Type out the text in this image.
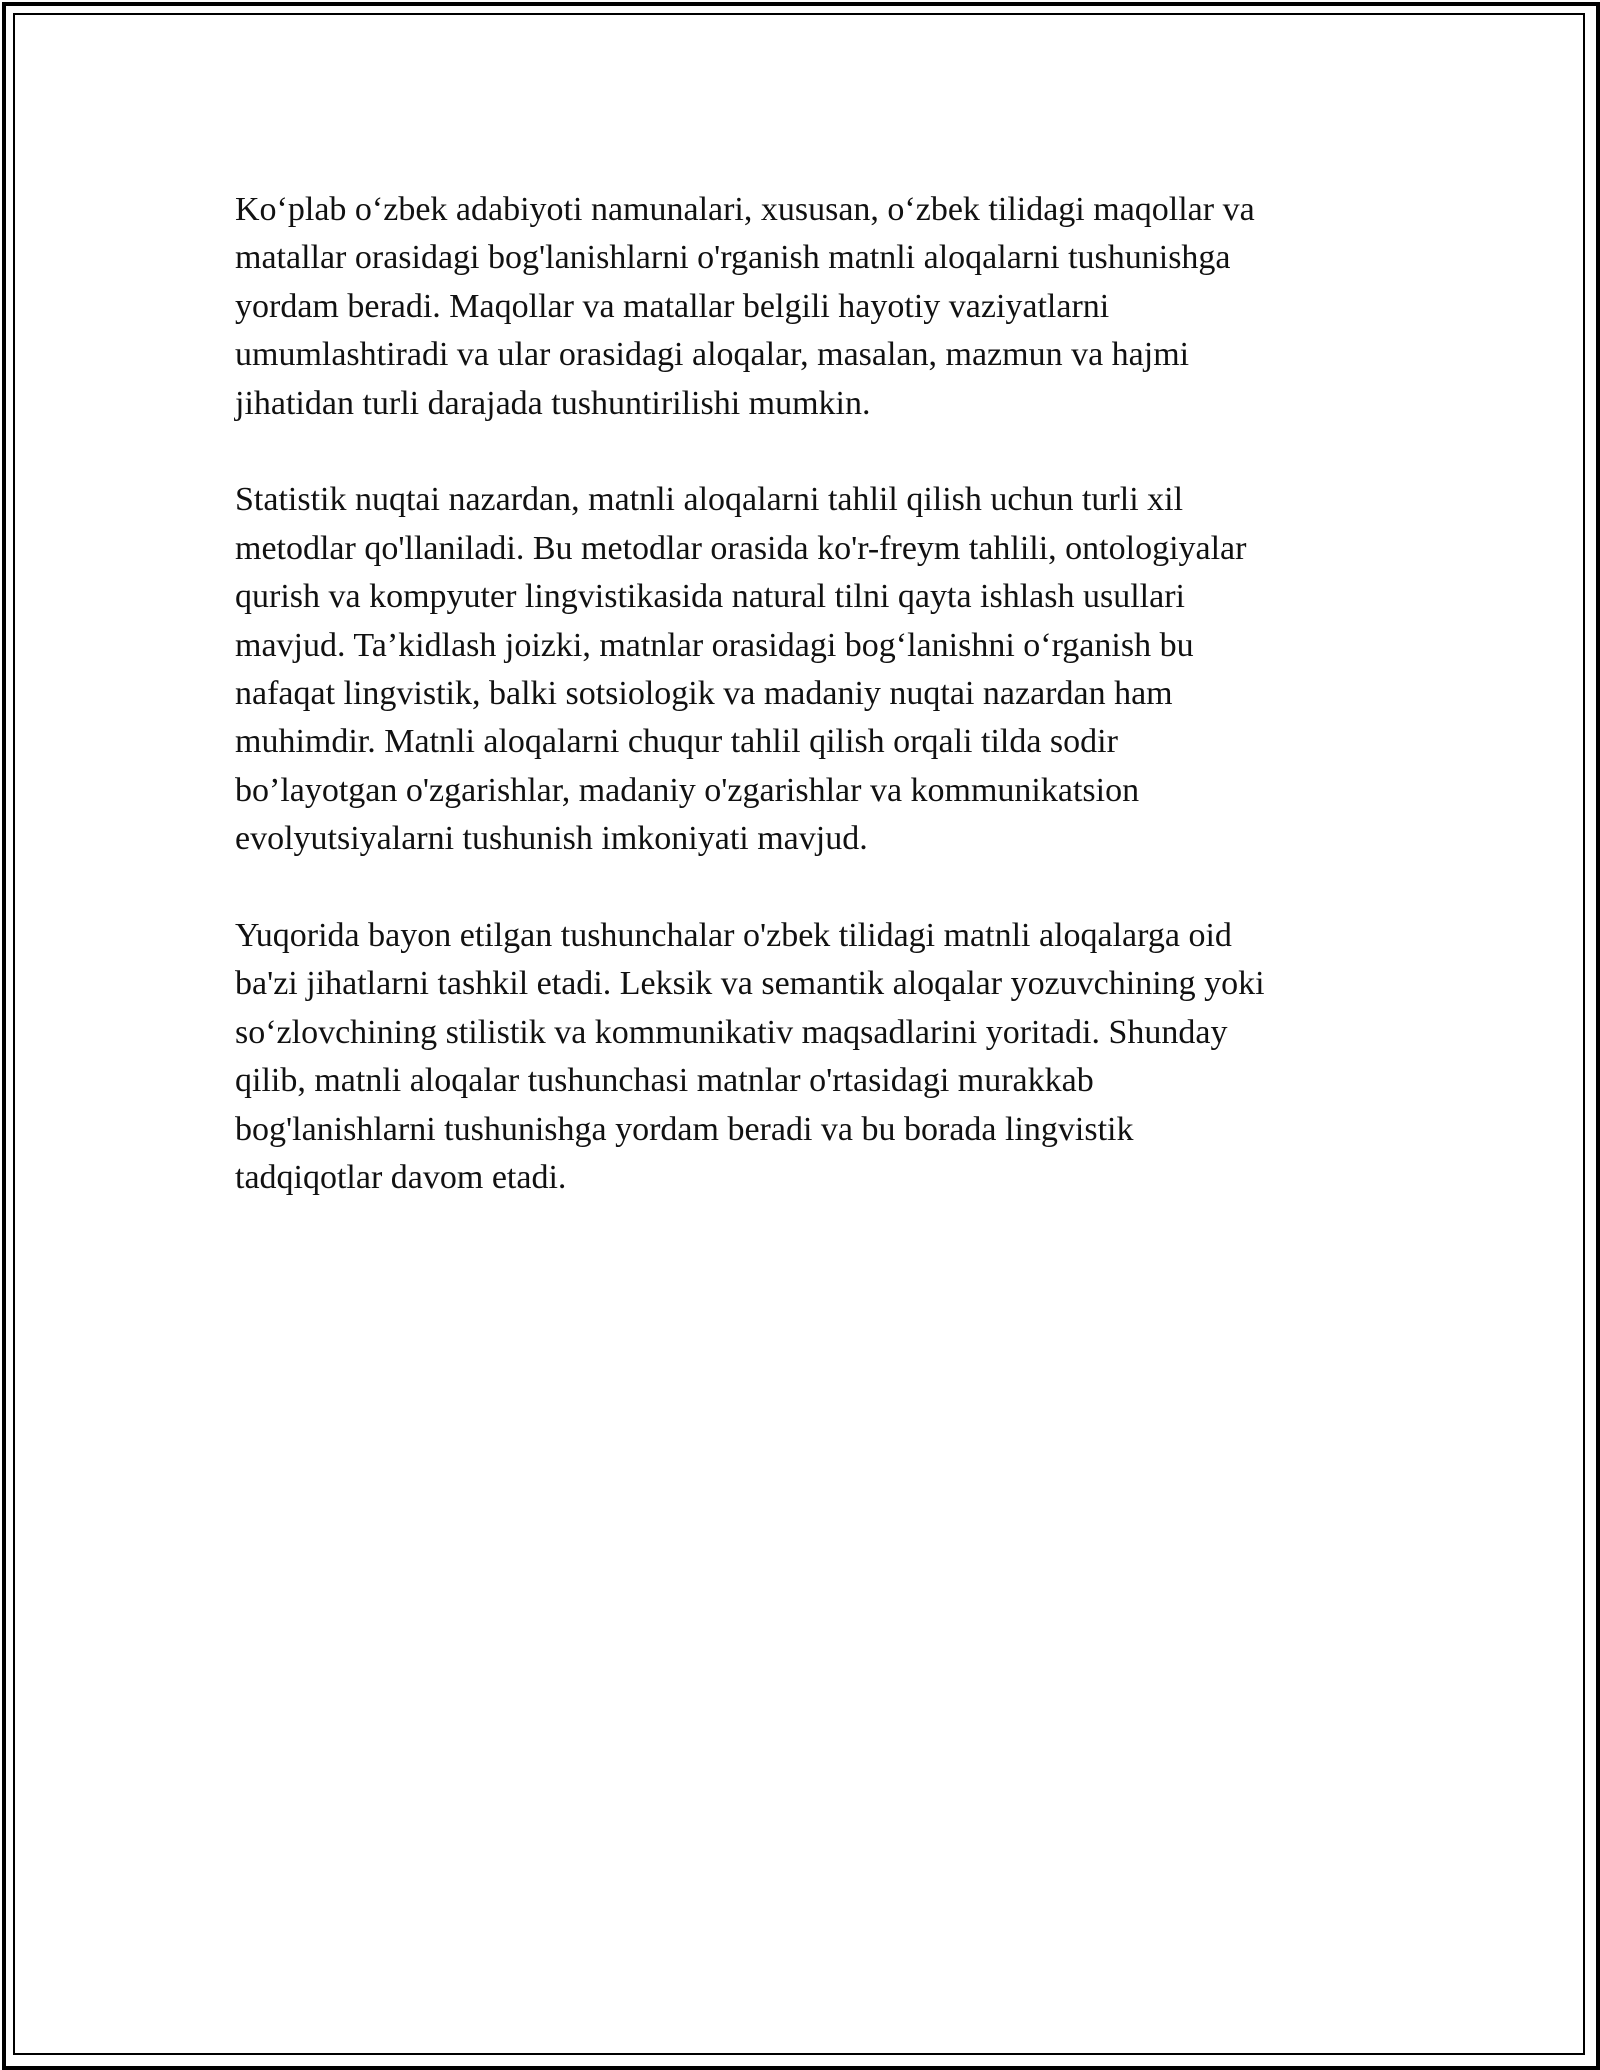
Ko‘plab o‘zbek adabiyoti namunalari, xususan, o‘zbek tilidagi maqollar va
matallar orasidagi bog'lanishlarni o'rganish matnli aloqalarni tushunishga
yordam beradi. Maqollar va matallar belgili hayotiy vaziyatlarni
umumlashtiradi va ular orasidagi aloqalar, masalan, mazmun va hajmi
jihatidan turli darajada tushuntirilishi mumkin.

Statistik nuqtai nazardan, matnli aloqalarni tahlil qilish uchun turli xil
metodlar qo'llaniladi. Bu metodlar orasida ko'r-freym tahlili, ontologiyalar
qurish va kompyuter lingvistikasida natural tilni qayta ishlash usullari
mavjud. Ta’kidlash joizki, matnlar orasidagi bog‘lanishni o‘rganish bu
nafaqat lingvistik, balki sotsiologik va madaniy nuqtai nazardan ham
muhimdir. Matnli aloqalarni chuqur tahlil qilish orqali tilda sodir
bo’layotgan o'zgarishlar, madaniy o'zgarishlar va kommunikatsion
evolyutsiyalarni tushunish imkoniyati mavjud.

Yuqorida bayon etilgan tushunchalar o'zbek tilidagi matnli aloqalarga oid
ba'zi jihatlarni tashkil etadi. Leksik va semantik aloqalar yozuvchining yoki
so‘zlovchining stilistik va kommunikativ maqsadlarini yoritadi. Shunday
qilib, matnli aloqalar tushunchasi matnlar o'rtasidagi murakkab
bog'lanishlarni tushunishga yordam beradi va bu borada lingvistik
tadqiqotlar davom etadi.
